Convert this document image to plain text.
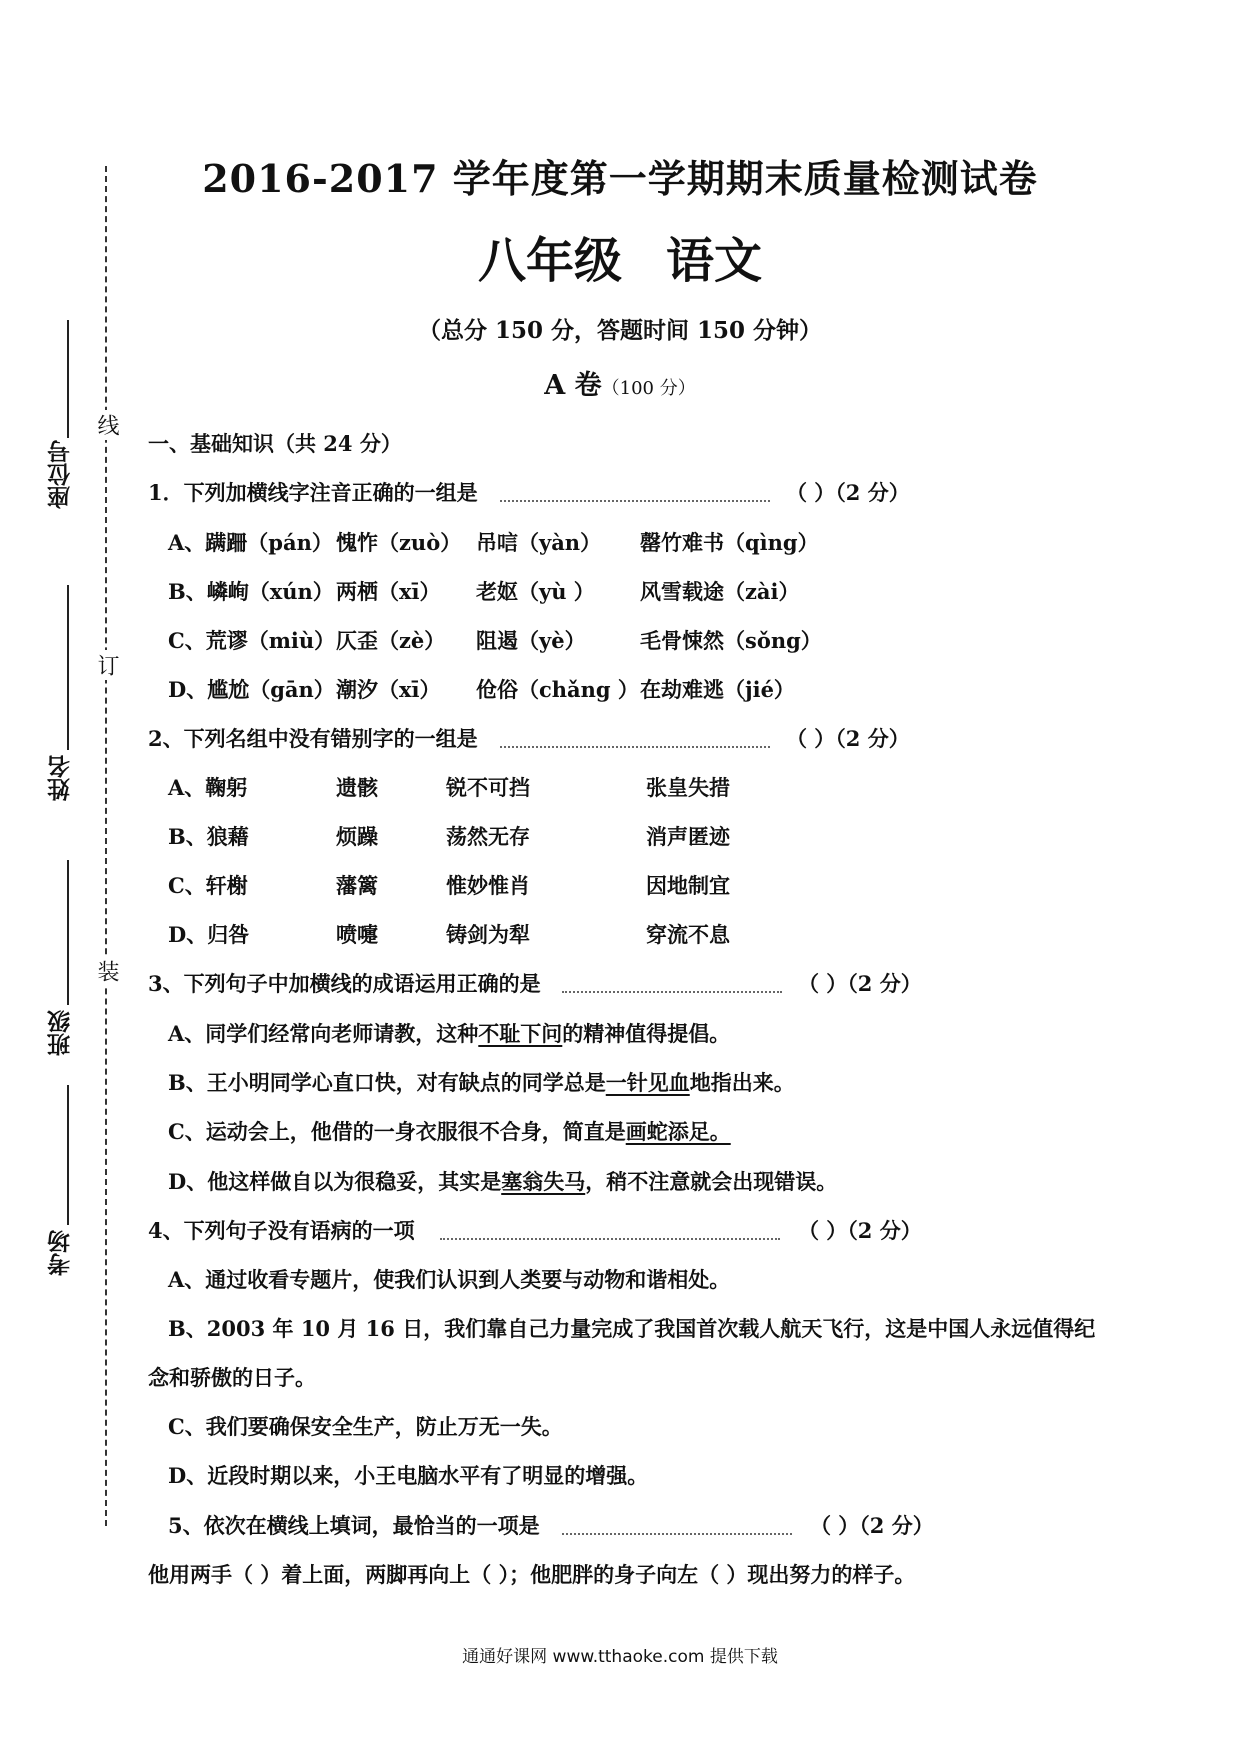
线
订
装
座位号
姓名
班级
考场
2016-2017 学年度第一学期期末质量检测试卷
八年级 语文
（总分 150 分，答题时间 150 分钟）
A 卷（100 分）
一、基础知识（共 24 分）
1．下列加横线字注音正确的一组是	（ ）（2 分）
A、蹒跚（pán） 愧怍（zuò） 吊唁（yàn） 罄竹难书（qìng）
B、嶙峋（xún） 两栖（xī） 老妪（yù ） 风雪载途（zài）
C、荒谬（miù） 仄歪（zè） 阻遏（yè）	毛骨悚然（sǒng）
D、尴尬（gān） 潮汐（xī） 伧俗（chǎng ） 在劫难逃（jié）
2、下列名组中没有错别字的一组是	（ ）（2 分）
A、鞠躬	遗骸	锐不可挡	张皇失措
B、狼藉	烦躁	荡然无存	消声匿迹
C、轩榭	藩篱	惟妙惟肖	因地制宜
D、归咎	喷嚏	铸剑为犁	穿流不息
3、下列句子中加横线的成语运用正确的是	（ ）（2 分）
A、同学们经常向老师请教，这种不耻下问的精神值得提倡。
B、王小明同学心直口快，对有缺点的同学总是一针见血地指出来。
C、运动会上，他借的一身衣服很不合身，简直是画蛇添足。
D、他这样做自以为很稳妥，其实是塞翁失马，稍不注意就会出现错误。
4、下列句子没有语病的一项	（ ）（2 分）
A、通过收看专题片，使我们认识到人类要与动物和谐相处。
B、2003 年 10 月 16 日，我们靠自己力量完成了我国首次载人航天飞行，这是中国人永远值得纪
念和骄傲的日子。
C、我们要确保安全生产，防止万无一失。
D、近段时期以来，小王电脑水平有了明显的增强。
5、依次在横线上填词，最恰当的一项是	（ ）（2 分）
他用两手（ ）着上面，两脚再向上（ ）；他肥胖的身子向左（ ）现出努力的样子。
通通好课网 www.tthaoke.com 提供下载
